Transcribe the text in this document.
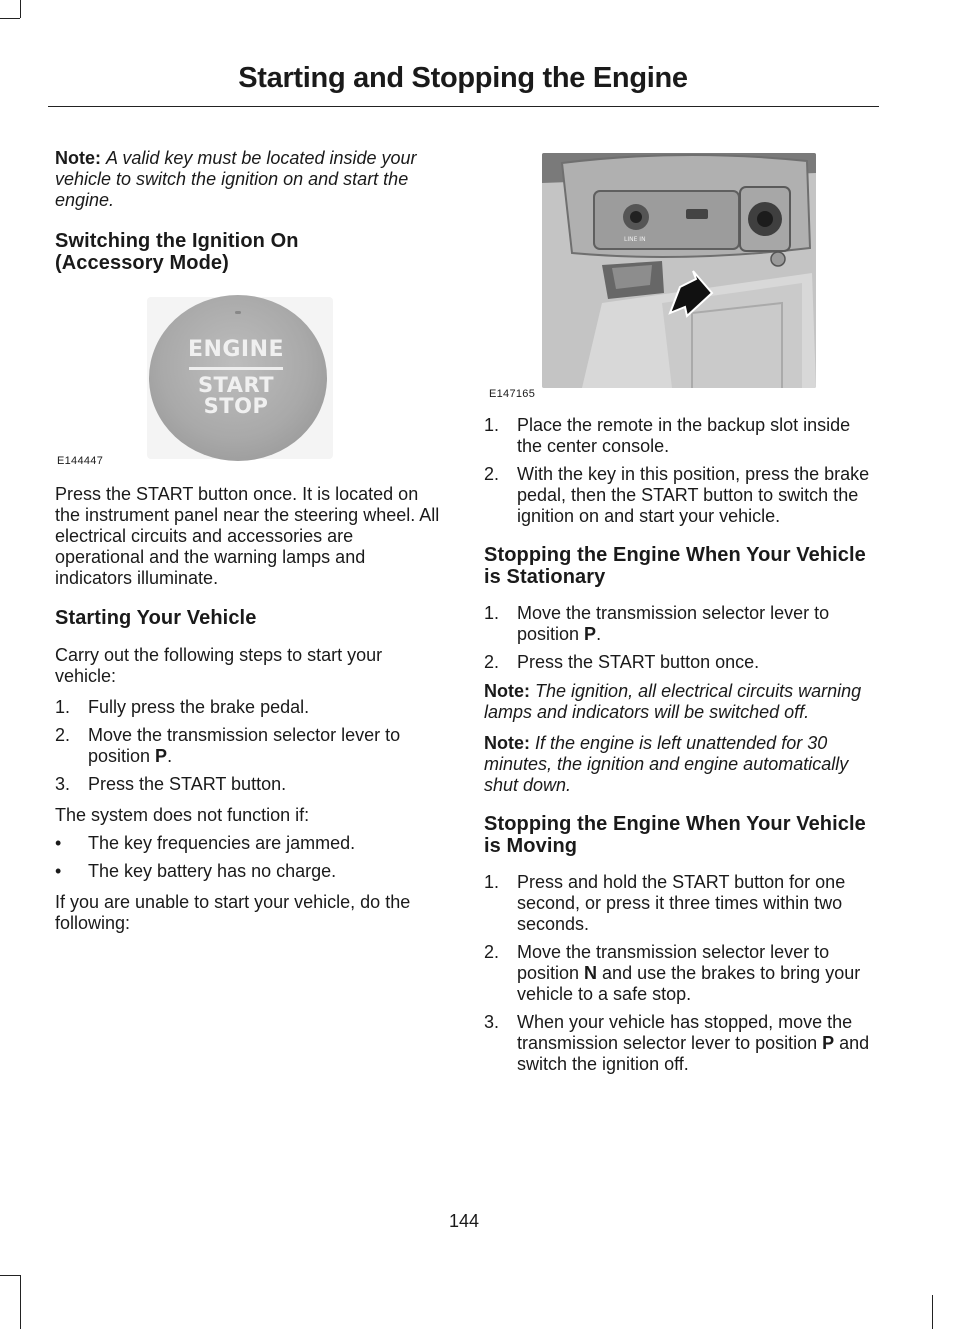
Starting and Stopping the Engine

Note: A valid key must be located inside your vehicle to switch the ignition on and start the engine.

Switching the Ignition On (Accessory Mode)
ENGINE
START
STOP
E144447

Press the START button once. It is located on the instrument panel near the steering wheel. All electrical circuits and accessories are operational and the warning lamps and indicators illuminate.

Starting Your Vehicle

Carry out the following steps to start your vehicle:

1. Fully press the brake pedal.
2. Move the transmission selector lever to position P.
3. Press the START button.

The system does not function if:

• The key frequencies are jammed.
• The key battery has no charge.

If you are unable to start your vehicle, do the following:

LINE IN
E147165
1. Place the remote in the backup slot inside the center console.
2. With the key in this position, press the brake pedal, then the START button to switch the ignition on and start your vehicle.
Stopping the Engine When Your Vehicle is Stationary
1. Move the transmission selector lever to position P.
2. Press the START button once.

Note: The ignition, all electrical circuits warning lamps and indicators will be switched off.

Note: If the engine is left unattended for 30 minutes, the ignition and engine automatically shut down.

Stopping the Engine When Your Vehicle is Moving
1. Press and hold the START button for one second, or press it three times within two seconds.
2. Move the transmission selector lever to position N and use the brakes to bring your vehicle to a safe stop.
3. When your vehicle has stopped, move the transmission selector lever to position P and switch the ignition off.
144
